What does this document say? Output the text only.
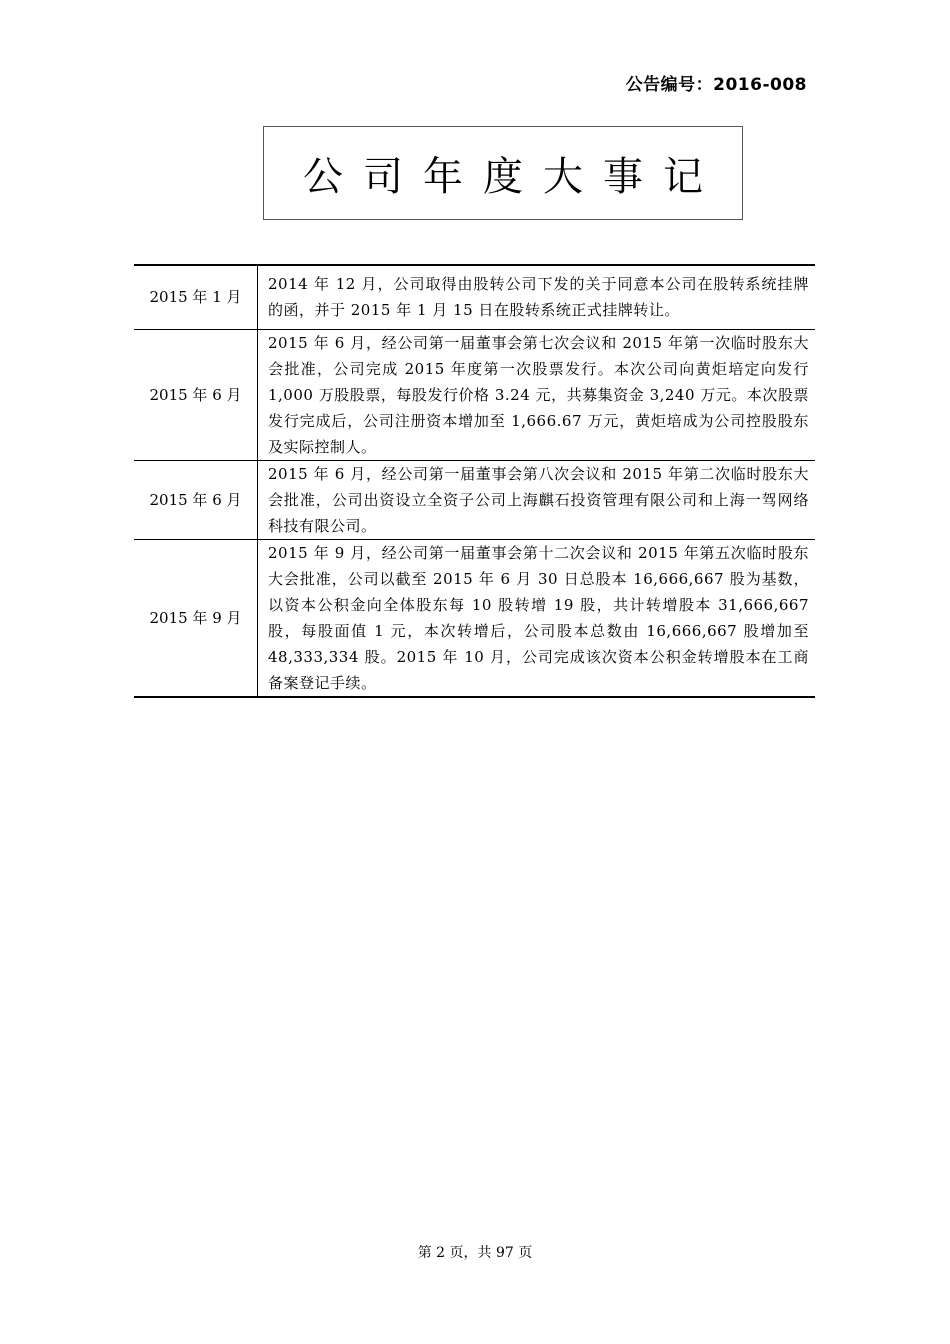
公告编号：2016-008
公司年度大事记
2015 年 1 月	2014 年 12 月，公司取得由股转公司下发的关于同意本公司在股转系统挂牌的函，并于 2015 年 1 月 15 日在股转系统正式挂牌转让。
2015 年 6 月	2015 年 6 月，经公司第一届董事会第七次会议和 2015 年第一次临时股东大会批准，公司完成 2015 年度第一次股票发行。本次公司向黄炬培定向发行 1,000 万股股票，每股发行价格 3.24 元，共募集资金 3,240 万元。本次股票发行完成后，公司注册资本增加至 1,666.67 万元，黄炬培成为公司控股股东及实际控制人。
2015 年 6 月	2015 年 6 月，经公司第一届董事会第八次会议和 2015 年第二次临时股东大会批准，公司出资设立全资子公司上海麒石投资管理有限公司和上海一驾网络科技有限公司。
2015 年 9 月	2015 年 9 月，经公司第一届董事会第十二次会议和 2015 年第五次临时股东大会批准，公司以截至 2015 年 6 月 30 日总股本 16,666,667 股为基数，以资本公积金向全体股东每 10 股转增 19 股，共计转增股本 31,666,667 股，每股面值 1 元，本次转增后，公司股本总数由 16,666,667 股增加至 48,333,334 股。2015 年 10 月，公司完成该次资本公积金转增股本在工商备案登记手续。
第 2 页，共 97 页
